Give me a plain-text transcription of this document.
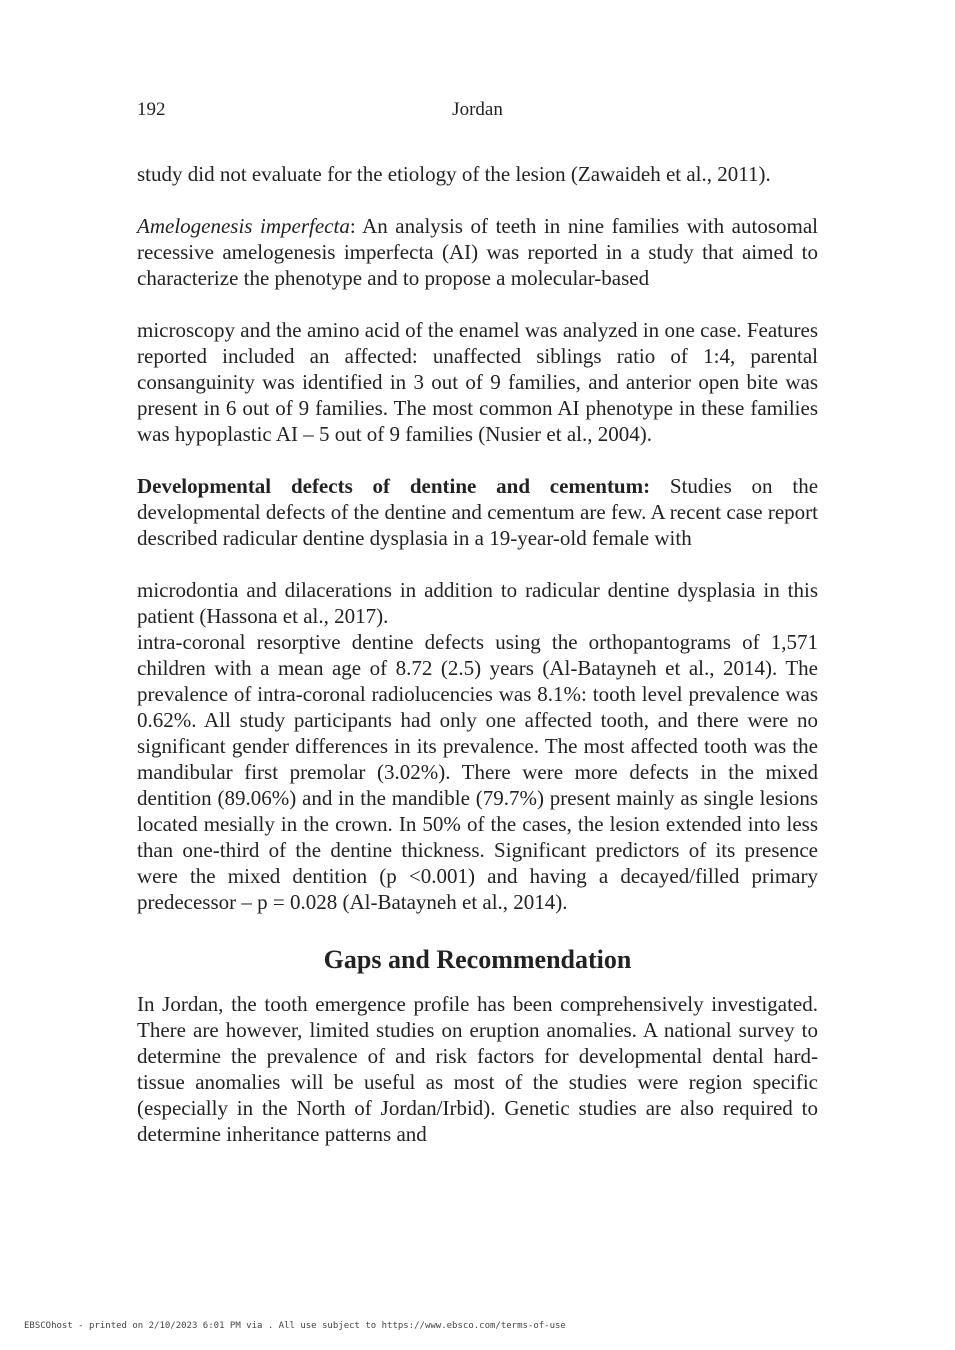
192	Jordan

study did not evaluate for the etiology of the lesion (Zawaideh et al., 2011).

Amelogenesis imperfecta: An analysis of teeth in nine families with autosomal recessive amelogenesis imperfecta (AI) was reported in a study that aimed to characterize the phenotype and to propose a molecular-based

microscopy and the amino acid of the enamel was analyzed in one case. Features reported included an affected: unaffected siblings ratio of 1:4, parental consanguinity was identified in 3 out of 9 families, and anterior open bite was present in 6 out of 9 families. The most common AI phenotype in these families was hypoplastic AI – 5 out of 9 families (Nusier et al., 2004).

Developmental defects of dentine and cementum: Studies on the developmental defects of the dentine and cementum are few. A recent case report described radicular dentine dysplasia in a 19-year-old female with

microdontia and dilacerations in addition to radicular dentine dysplasia in this patient (Hassona et al., 2017).

intra-coronal resorptive dentine defects using the orthopantograms of 1,571 children with a mean age of 8.72 (2.5) years (Al-Batayneh et al., 2014). The prevalence of intra-coronal radiolucencies was 8.1%: tooth level prevalence was 0.62%. All study participants had only one affected tooth, and there were no significant gender differences in its prevalence. The most affected tooth was the mandibular first premolar (3.02%). There were more defects in the mixed dentition (89.06%) and in the mandible (79.7%) present mainly as single lesions located mesially in the crown. In 50% of the cases, the lesion extended into less than one-third of the dentine thickness. Significant predictors of its presence were the mixed dentition (p <0.001) and having a decayed/filled primary predecessor – p = 0.028 (Al-Batayneh et al., 2014).

Gaps and Recommendation

In Jordan, the tooth emergence profile has been comprehensively investigated. There are however, limited studies on eruption anomalies. A national survey to determine the prevalence of and risk factors for developmental dental hard-tissue anomalies will be useful as most of the studies were region specific (especially in the North of Jordan/Irbid). Genetic studies are also required to determine inheritance patterns and

EBSCOhost - printed on 2/10/2023 6:01 PM via . All use subject to https://www.ebsco.com/terms-of-use
